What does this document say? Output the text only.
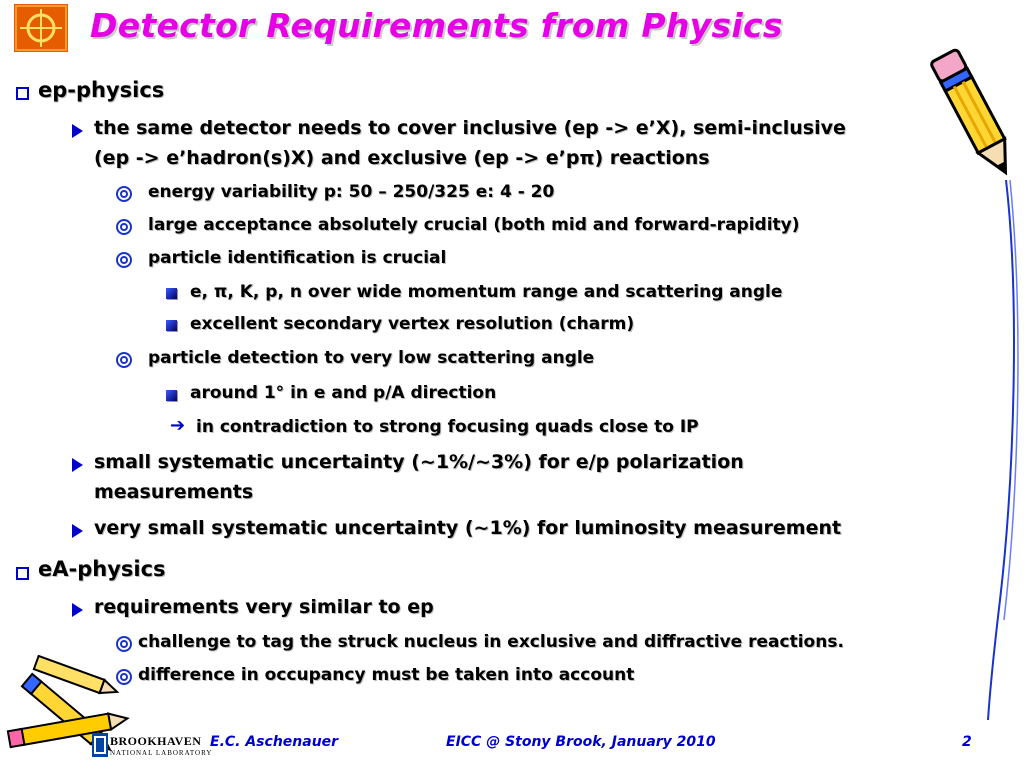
Detector Requirements from Physics
ep-physics
the same detector needs to cover inclusive (ep -> e’X), semi-inclusive
(ep -> e’hadron(s)X) and exclusive (ep -> e’pπ) reactions
energy variability p: 50 – 250/325 e: 4 - 20
large acceptance absolutely crucial (both mid and forward-rapidity)
particle identification is crucial
e, π, K, p, n over wide momentum range and scattering angle
excellent secondary vertex resolution (charm)
particle detection to very low scattering angle
around 1° in e and p/A direction
➔ in contradiction to strong focusing quads close to IP
small systematic uncertainty (~1%/~3%) for e/p polarization
measurements
very small systematic uncertainty (~1%) for luminosity measurement
eA-physics
requirements very similar to ep
challenge to tag the struck nucleus in exclusive and diffractive reactions.
difference in occupancy must be taken into account
BROOKHAVEN
NATIONAL LABORATORY
E.C. Aschenauer	EICC @ Stony Brook, January 2010	2
